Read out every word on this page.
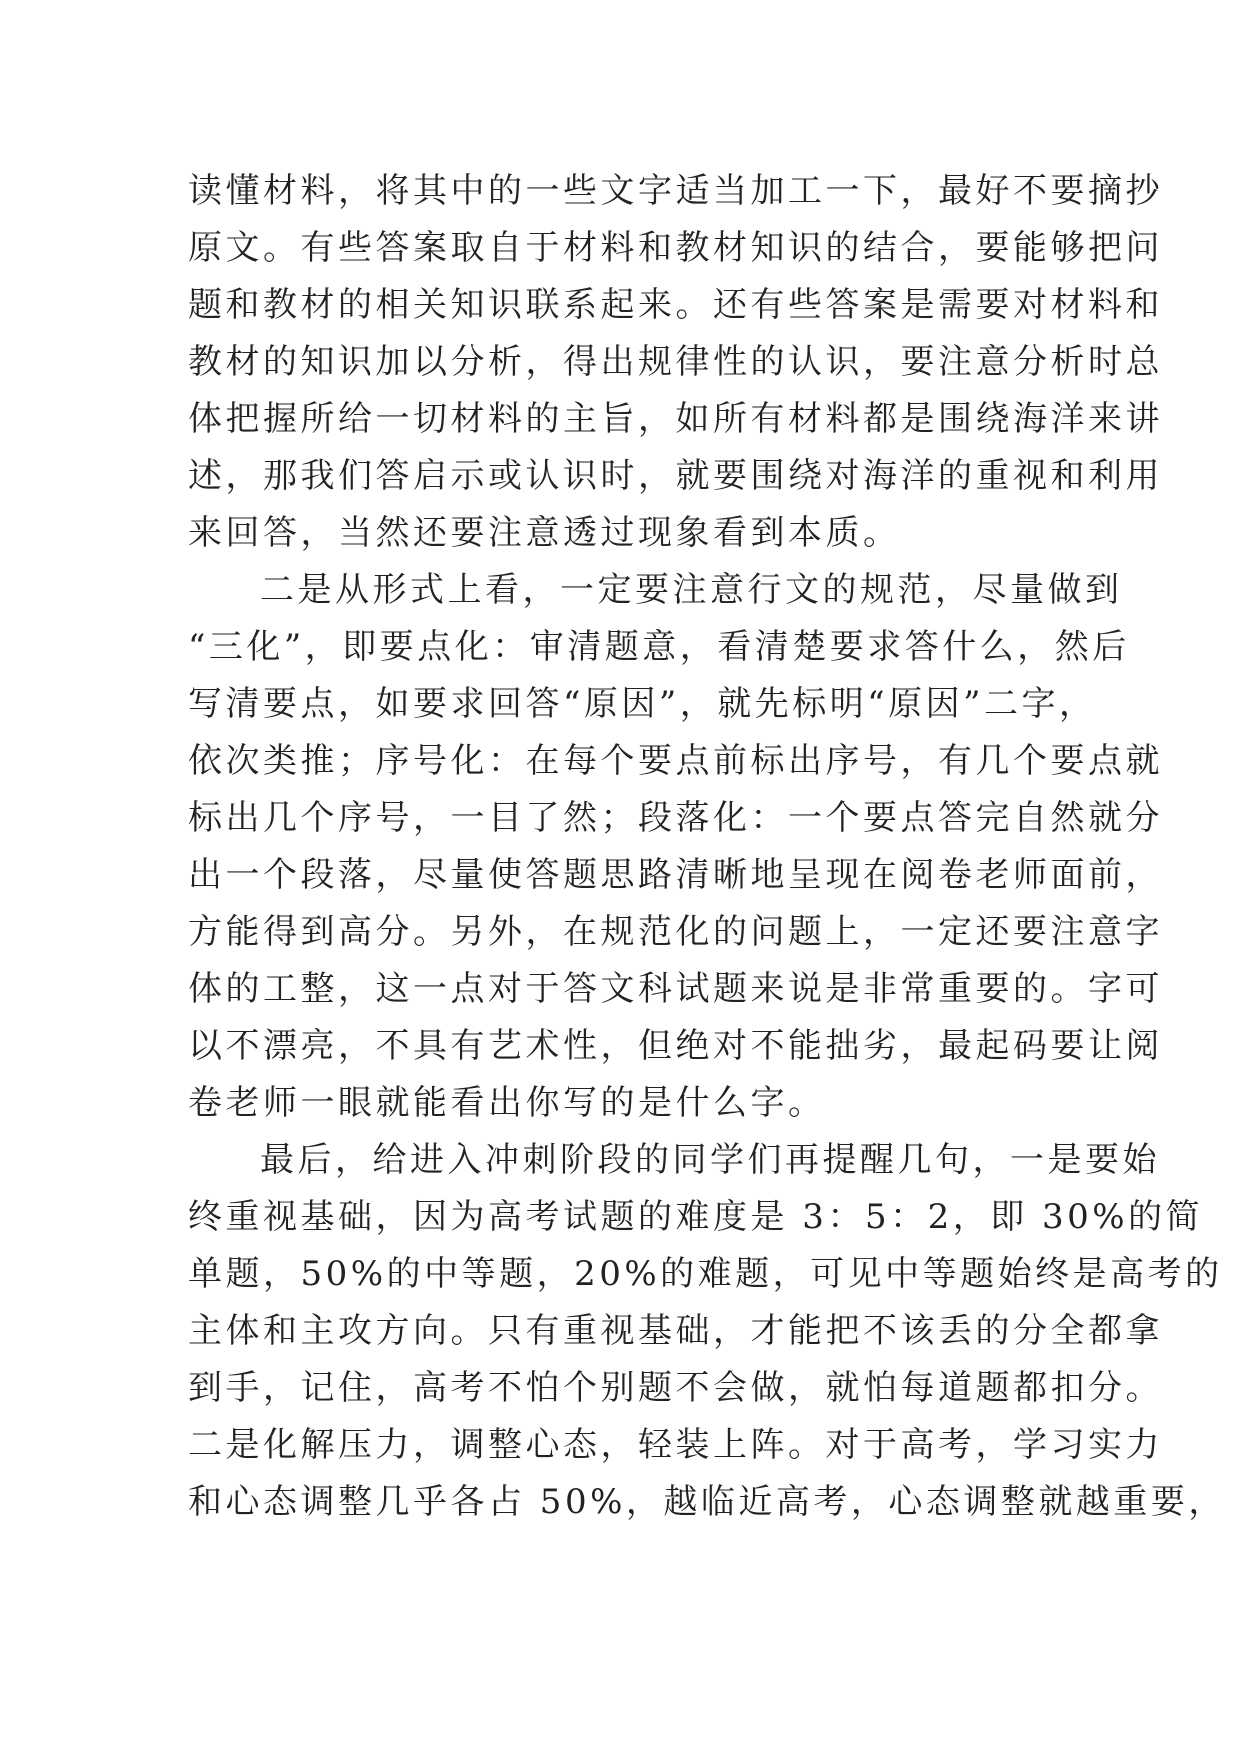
读懂材料，将其中的一些文字适当加工一下，最好不要摘抄
原文。有些答案取自于材料和教材知识的结合，要能够把问
题和教材的相关知识联系起来。还有些答案是需要对材料和
教材的知识加以分析，得出规律性的认识，要注意分析时总
体把握所给一切材料的主旨，如所有材料都是围绕海洋来讲
述，那我们答启示或认识时，就要围绕对海洋的重视和利用
来回答，当然还要注意透过现象看到本质。
二是从形式上看，一定要注意行文的规范，尽量做到
“三化”，即要点化：审清题意，看清楚要求答什么，然后
写清要点，如要求回答“原因”，就先标明“原因”二字，
依次类推；序号化：在每个要点前标出序号，有几个要点就
标出几个序号，一目了然；段落化：一个要点答完自然就分
出一个段落，尽量使答题思路清晰地呈现在阅卷老师面前，
方能得到高分。另外，在规范化的问题上，一定还要注意字
体的工整，这一点对于答文科试题来说是非常重要的。字可
以不漂亮，不具有艺术性，但绝对不能拙劣，最起码要让阅
卷老师一眼就能看出你写的是什么字。
最后，给进入冲刺阶段的同学们再提醒几句，一是要始
终重视基础，因为高考试题的难度是 3：5：2，即 30%的简
单题，50%的中等题，20%的难题，可见中等题始终是高考的
主体和主攻方向。只有重视基础，才能把不该丢的分全都拿
到手，记住，高考不怕个别题不会做，就怕每道题都扣分。
二是化解压力，调整心态，轻装上阵。对于高考，学习实力
和心态调整几乎各占 50%，越临近高考，心态调整就越重要，
